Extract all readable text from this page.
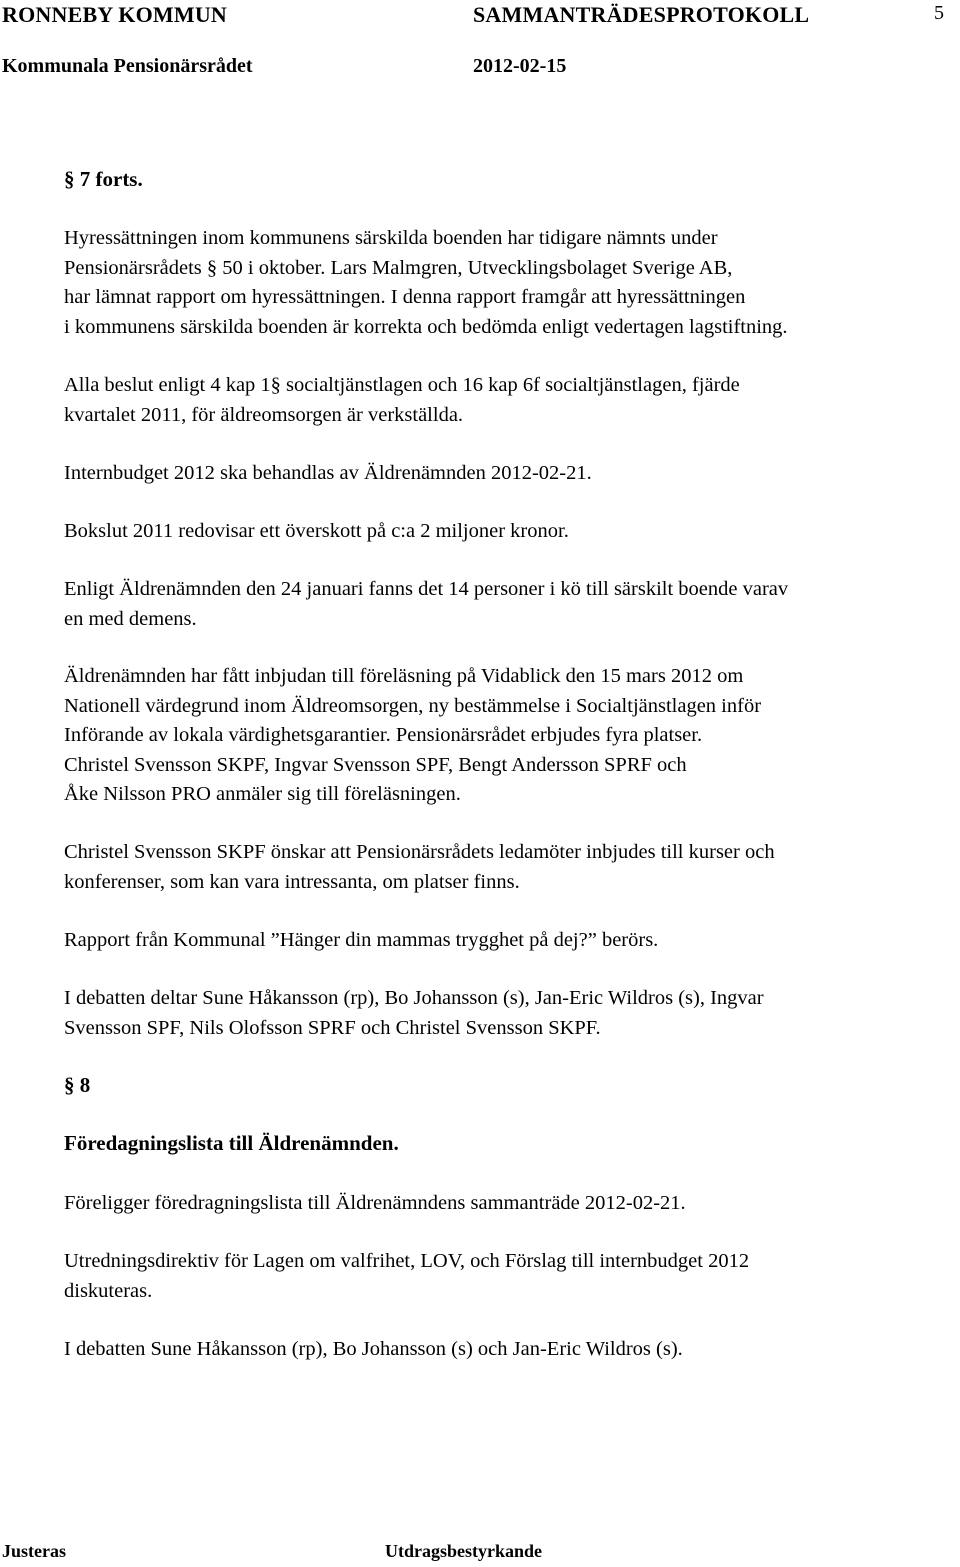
RONNEBY KOMMUN	SAMMANTRÄDESPROTOKOLL	5
Kommunala Pensionärsrådet	2012-02-15
§ 7 forts.
Hyressättningen inom kommunens särskilda boenden har tidigare nämnts under
Pensionärsrådets § 50 i oktober. Lars Malmgren, Utvecklingsbolaget Sverige AB,
har lämnat rapport om hyressättningen. I denna rapport framgår att hyressättningen
i kommunens särskilda boenden är korrekta och bedömda enligt vedertagen lagstiftning.
Alla beslut enligt 4 kap 1§ socialtjänstlagen och 16 kap 6f socialtjänstlagen, fjärde
kvartalet 2011, för äldreomsorgen är verkställda.
Internbudget 2012 ska behandlas av Äldrenämnden 2012-02-21.
Bokslut 2011 redovisar ett överskott på c:a 2 miljoner kronor.
Enligt Äldrenämnden den 24 januari fanns det 14 personer i kö till särskilt boende varav
en med demens.
Äldrenämnden har fått inbjudan till föreläsning på Vidablick den 15 mars 2012 om
Nationell värdegrund inom Äldreomsorgen, ny bestämmelse i Socialtjänstlagen inför
Införande av lokala värdighetsgarantier. Pensionärsrådet erbjudes fyra platser.
Christel Svensson SKPF, Ingvar Svensson SPF, Bengt Andersson SPRF och
Åke Nilsson PRO anmäler sig till föreläsningen.
Christel Svensson SKPF önskar att Pensionärsrådets ledamöter inbjudes till kurser och
konferenser, som kan vara intressanta, om platser finns.
Rapport från Kommunal ”Hänger din mammas trygghet på dej?” berörs.
I debatten deltar Sune Håkansson (rp), Bo Johansson (s), Jan-Eric Wildros (s), Ingvar
Svensson SPF, Nils Olofsson SPRF och Christel Svensson SKPF.
§ 8
Föredagningslista till Äldrenämnden.
Föreligger föredragningslista till Äldrenämndens sammanträde 2012-02-21.
Utredningsdirektiv för Lagen om valfrihet, LOV, och Förslag till internbudget 2012
diskuteras.
I debatten Sune Håkansson (rp), Bo Johansson (s) och Jan-Eric Wildros (s).
Justeras	Utdragsbestyrkande
